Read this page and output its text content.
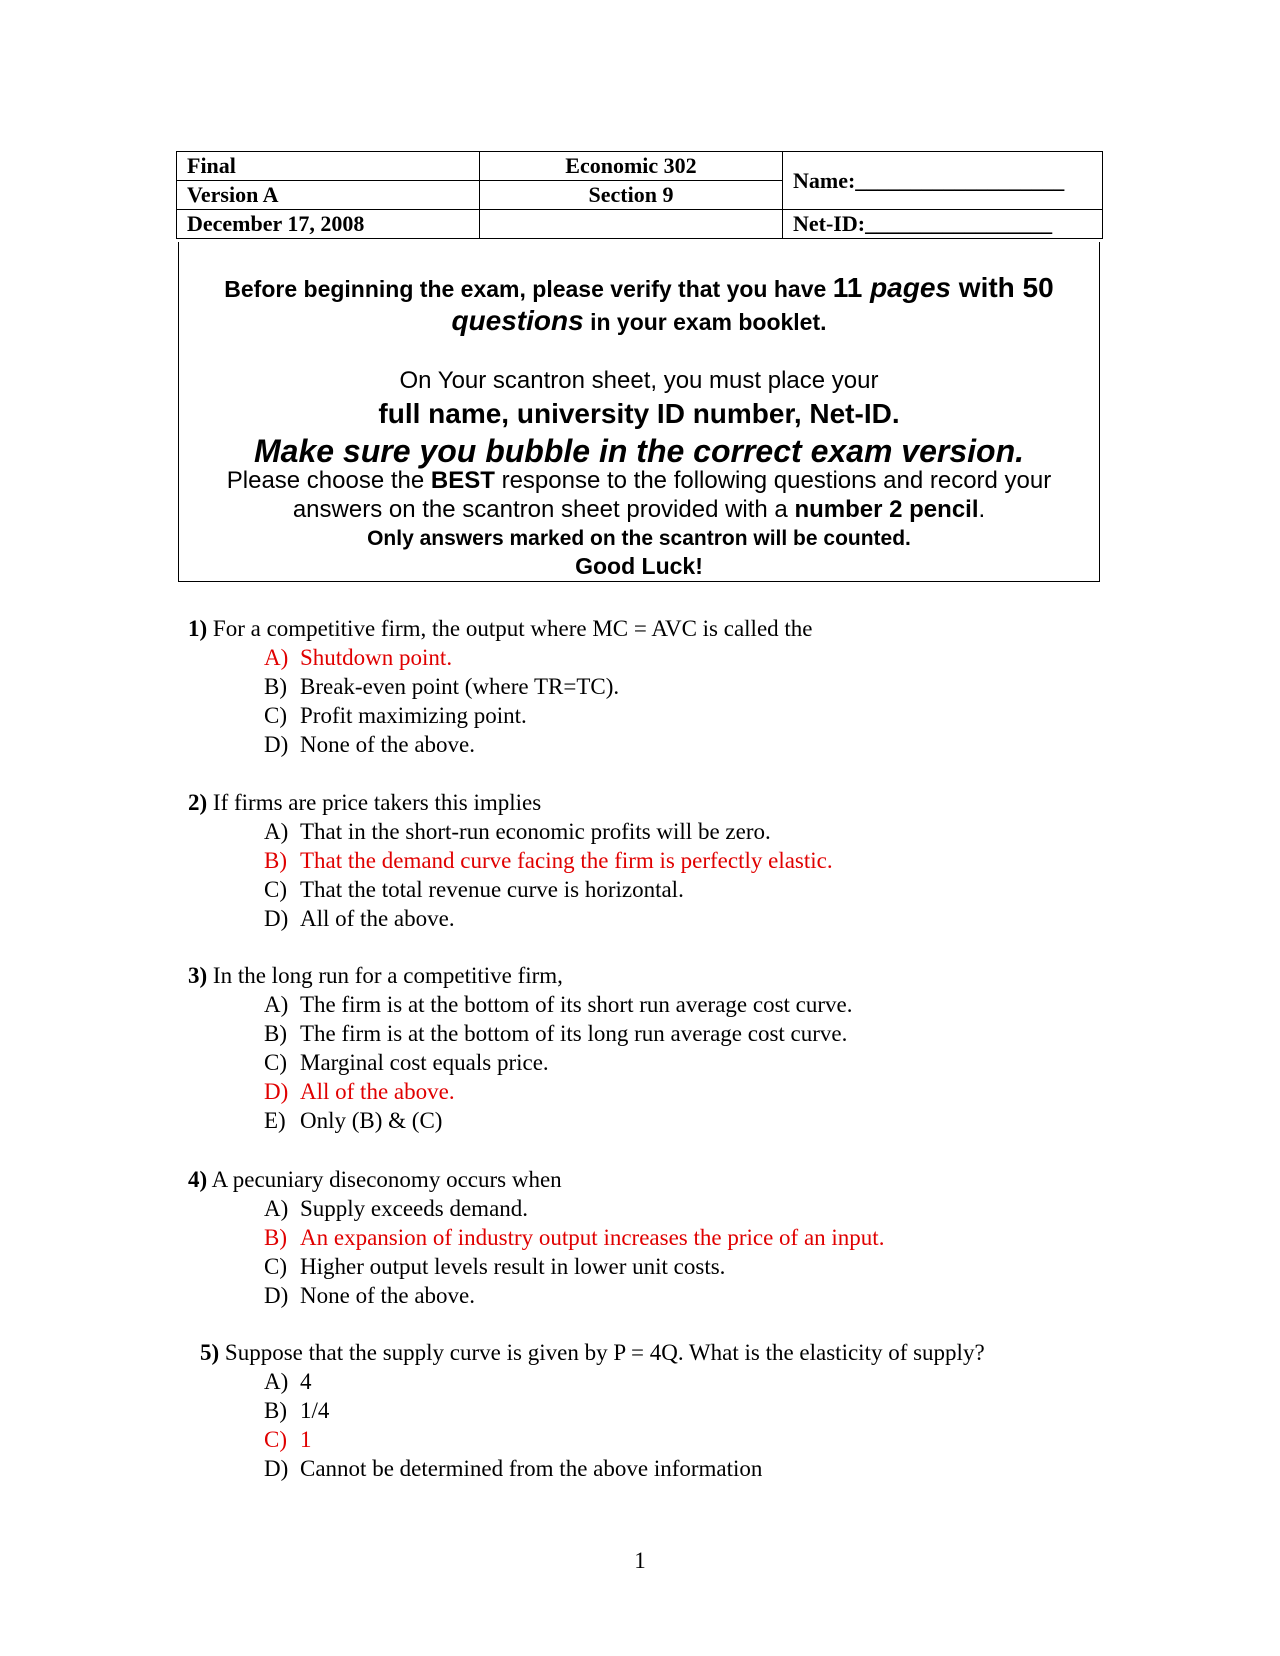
Final	Economic 302	Name:___________________
Version A	Section 9	
December 17, 2008		Net-ID:_________________
Before beginning the exam, please verify that you have 11 pages with 50
questions in your exam booklet.
On Your scantron sheet, you must place your
full name, university ID number, Net-ID.
Make sure you bubble in the correct exam version.
Please choose the BEST response to the following questions and record your answers on the scantron sheet provided with a number 2 pencil.
Only answers marked on the scantron will be counted.
Good Luck!
1) For a competitive firm, the output where MC = AVC is called the
A) Shutdown point.
B) Break-even point (where TR=TC).
C) Profit maximizing point.
D) None of the above.
2) If firms are price takers this implies
A) That in the short-run economic profits will be zero.
B) That the demand curve facing the firm is perfectly elastic.
C) That the total revenue curve is horizontal.
D) All of the above.
3) In the long run for a competitive firm,
A) The firm is at the bottom of its short run average cost curve.
B) The firm is at the bottom of its long run average cost curve.
C) Marginal cost equals price.
D) All of the above.
E) Only (B) & (C)
4) A pecuniary diseconomy occurs when
A) Supply exceeds demand.
B) An expansion of industry output increases the price of an input.
C) Higher output levels result in lower unit costs.
D) None of the above.
5) Suppose that the supply curve is given by P = 4Q. What is the elasticity of supply?
A) 4
B) 1/4
C) 1
D) Cannot be determined from the above information
1
